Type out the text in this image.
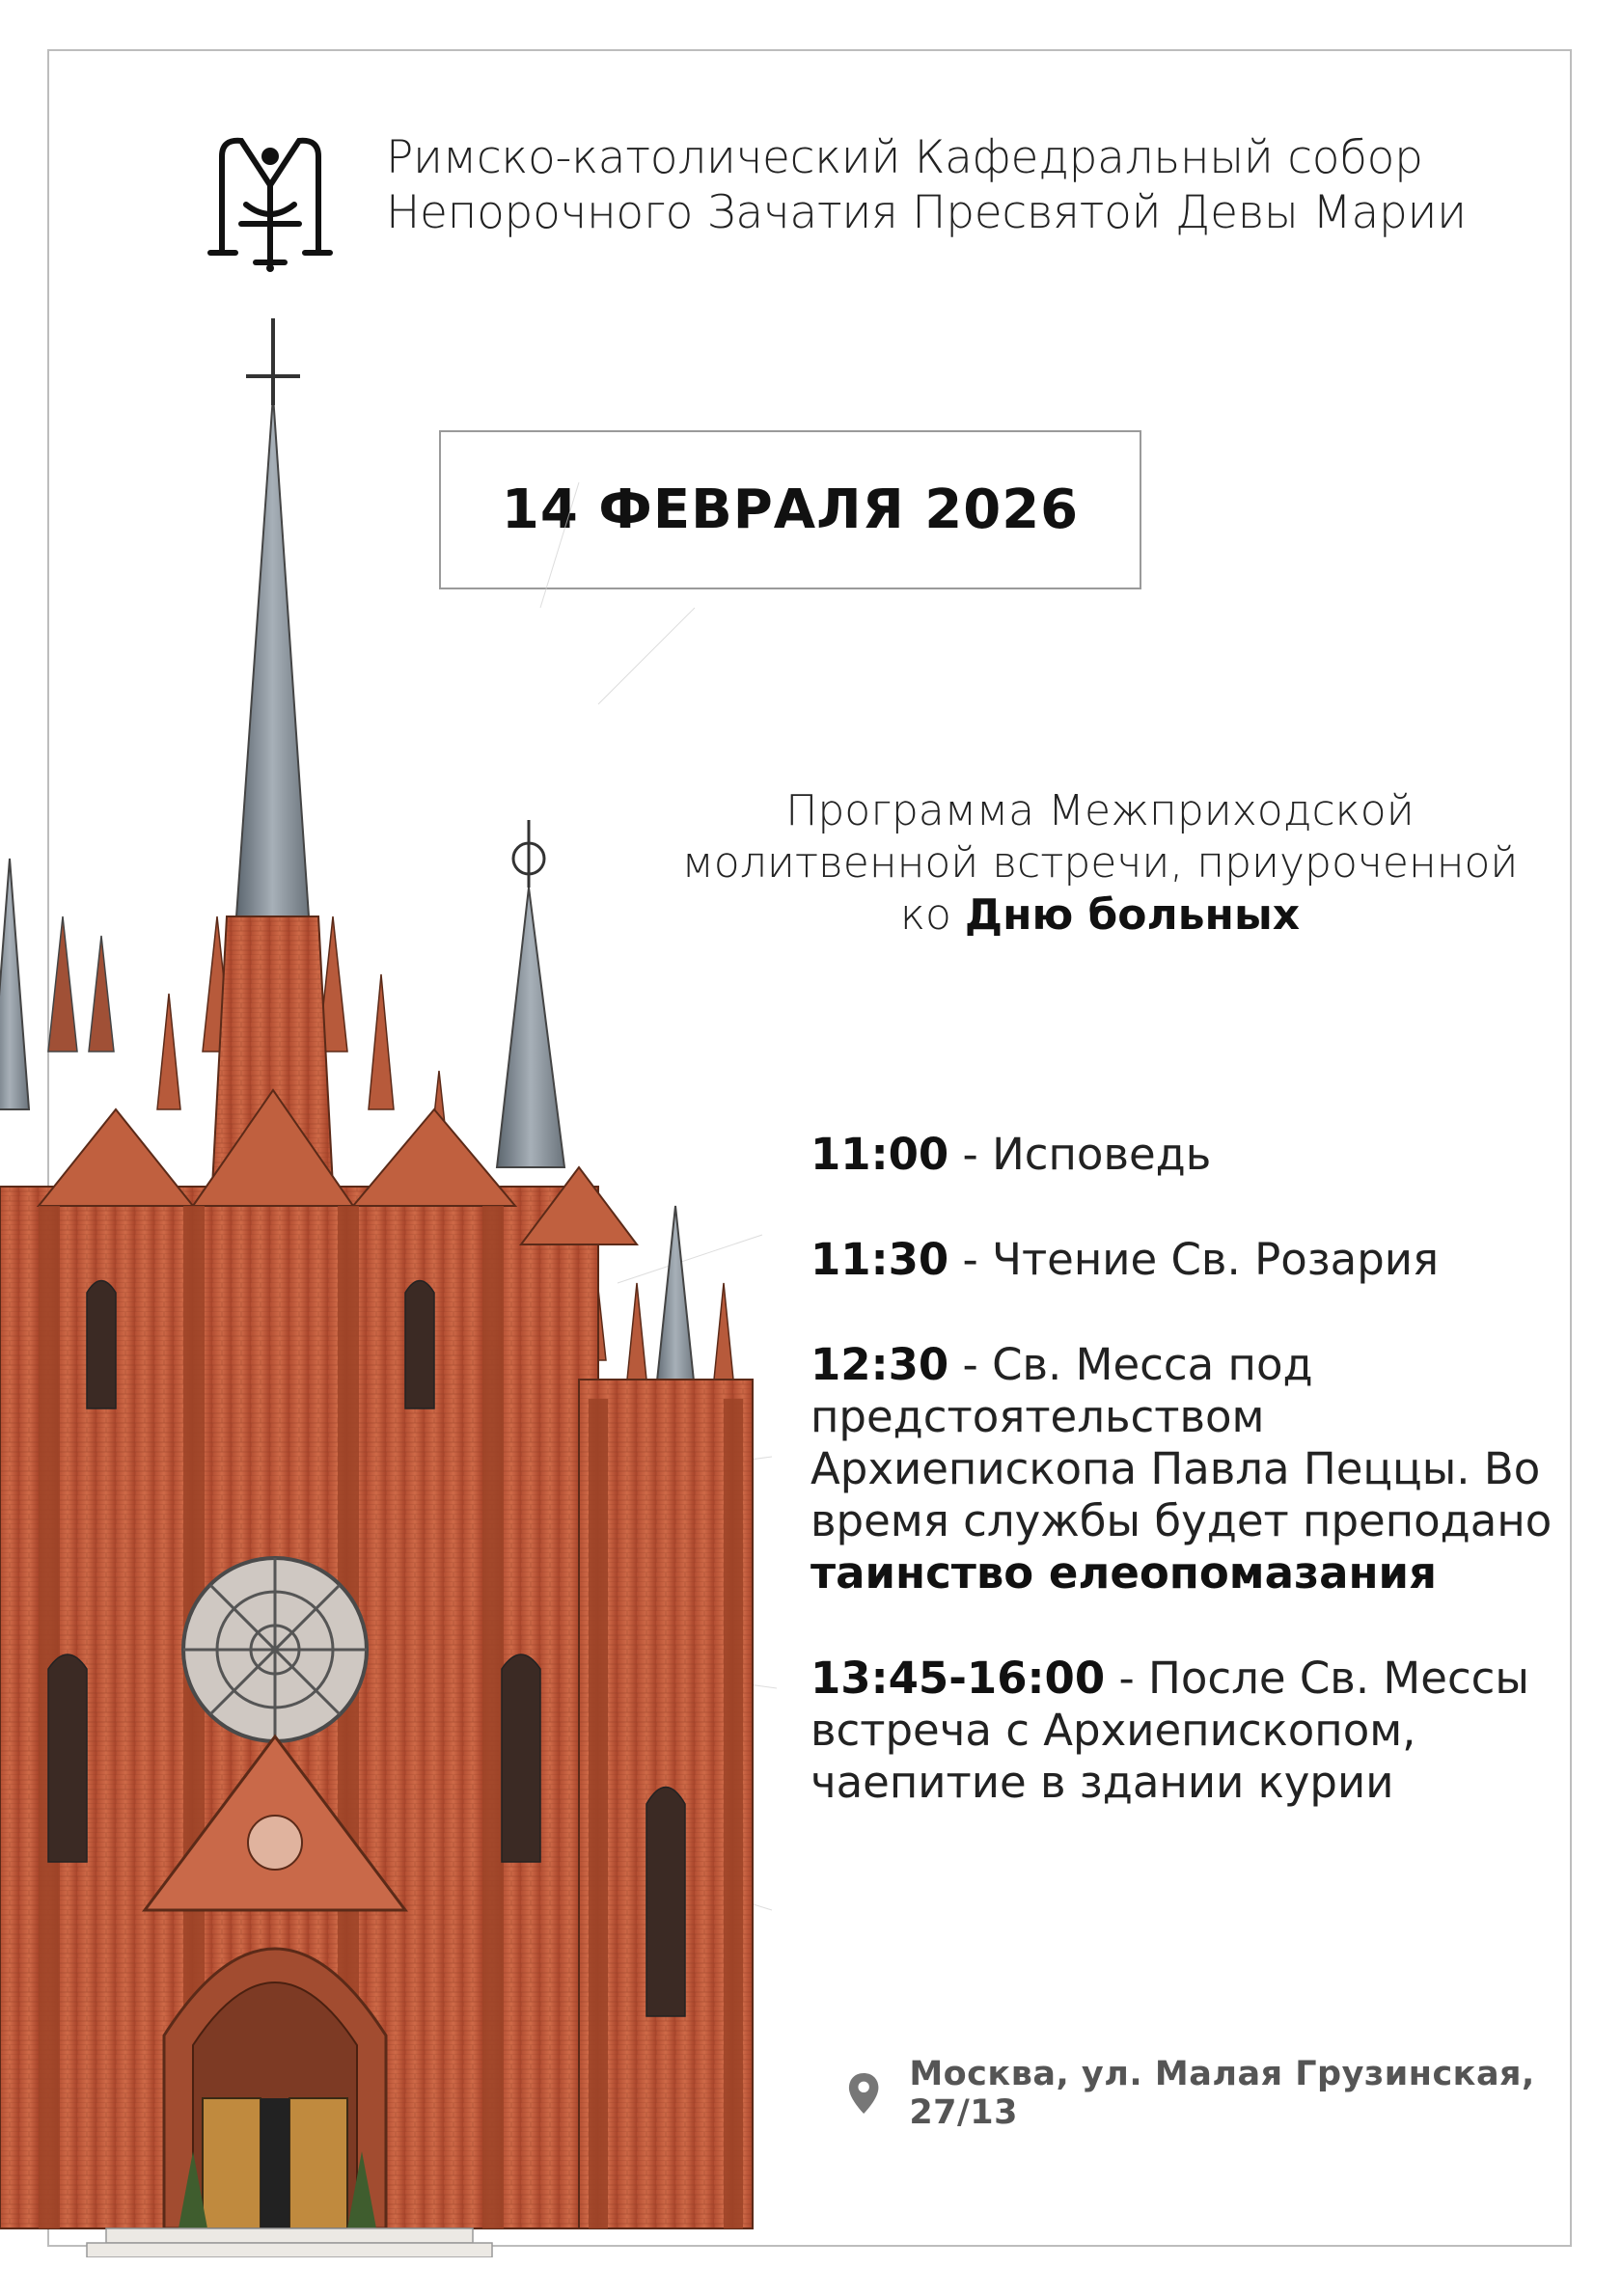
Римско-католический Кафедральный собор
Непорочного Зачатия Пресвятой Девы Марии
14 ФЕВРАЛЯ 2026
Программа Межприходской
молитвенной встречи, приуроченной
ко Дню больных
11:00 - Исповедь
11:30 - Чтение Св. Розария
12:30 - Св. Месса под предстоятельством Архиепископа Павла Пеццы. Во время службы будет преподано таинство елеопомазания
13:45-16:00 - После Св. Мессы встреча с Архиепископом, чаепитие в здании курии
Москва, ул. Малая Грузинская, 27/13
